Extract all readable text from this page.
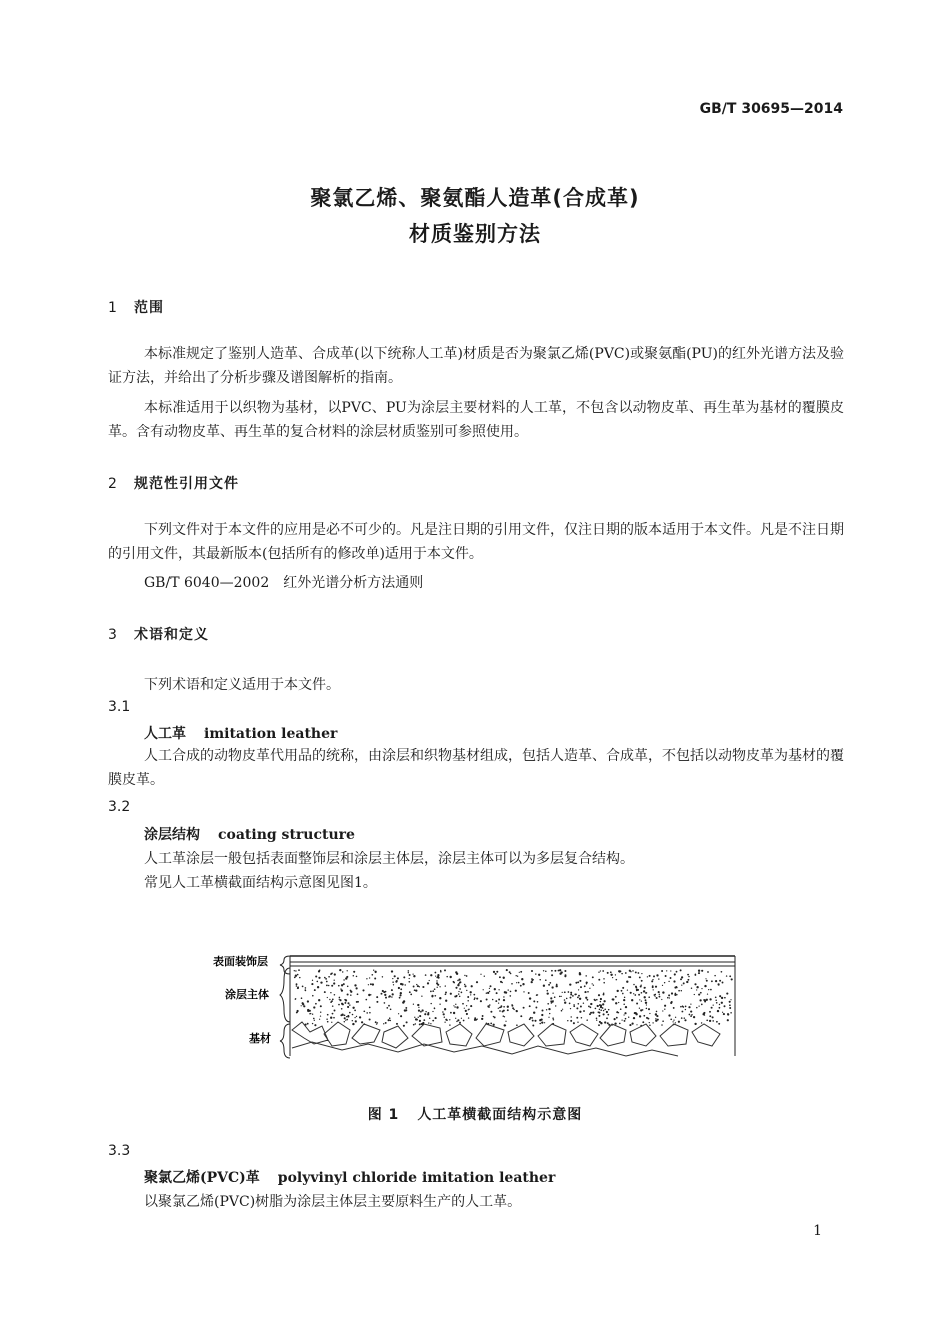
GB/T 30695—2014
聚氯乙烯、聚氨酯人造革(合成革)
材质鉴别方法
1 范围
本标准规定了鉴别人造革、合成革(以下统称人工革)材质是否为聚氯乙烯(PVC)或聚氨酯(PU)的红外光谱方法及验证方法，并给出了分析步骤及谱图解析的指南。
本标准适用于以织物为基材，以PVC、PU为涂层主要材料的人工革，不包含以动物皮革、再生革为基材的覆膜皮革。含有动物皮革、再生革的复合材料的涂层材质鉴别可参照使用。
2 规范性引用文件
下列文件对于本文件的应用是必不可少的。凡是注日期的引用文件，仅注日期的版本适用于本文件。凡是不注日期的引用文件，其最新版本(包括所有的修改单)适用于本文件。
GB/T 6040—2002　红外光谱分析方法通则
3 术语和定义
下列术语和定义适用于本文件。
3.1
人工革 imitation leather
人工合成的动物皮革代用品的统称，由涂层和织物基材组成，包括人造革、合成革，不包括以动物皮革为基材的覆膜皮革。
3.2
涂层结构 coating structure
人工革涂层一般包括表面整饰层和涂层主体层，涂层主体可以为多层复合结构。
常见人工革横截面结构示意图见图1。
表面装饰层
涂层主体
基材
图 1 人工革横截面结构示意图
3.3
聚氯乙烯(PVC)革 polyvinyl chloride imitation leather
以聚氯乙烯(PVC)树脂为涂层主体层主要原料生产的人工革。
1
